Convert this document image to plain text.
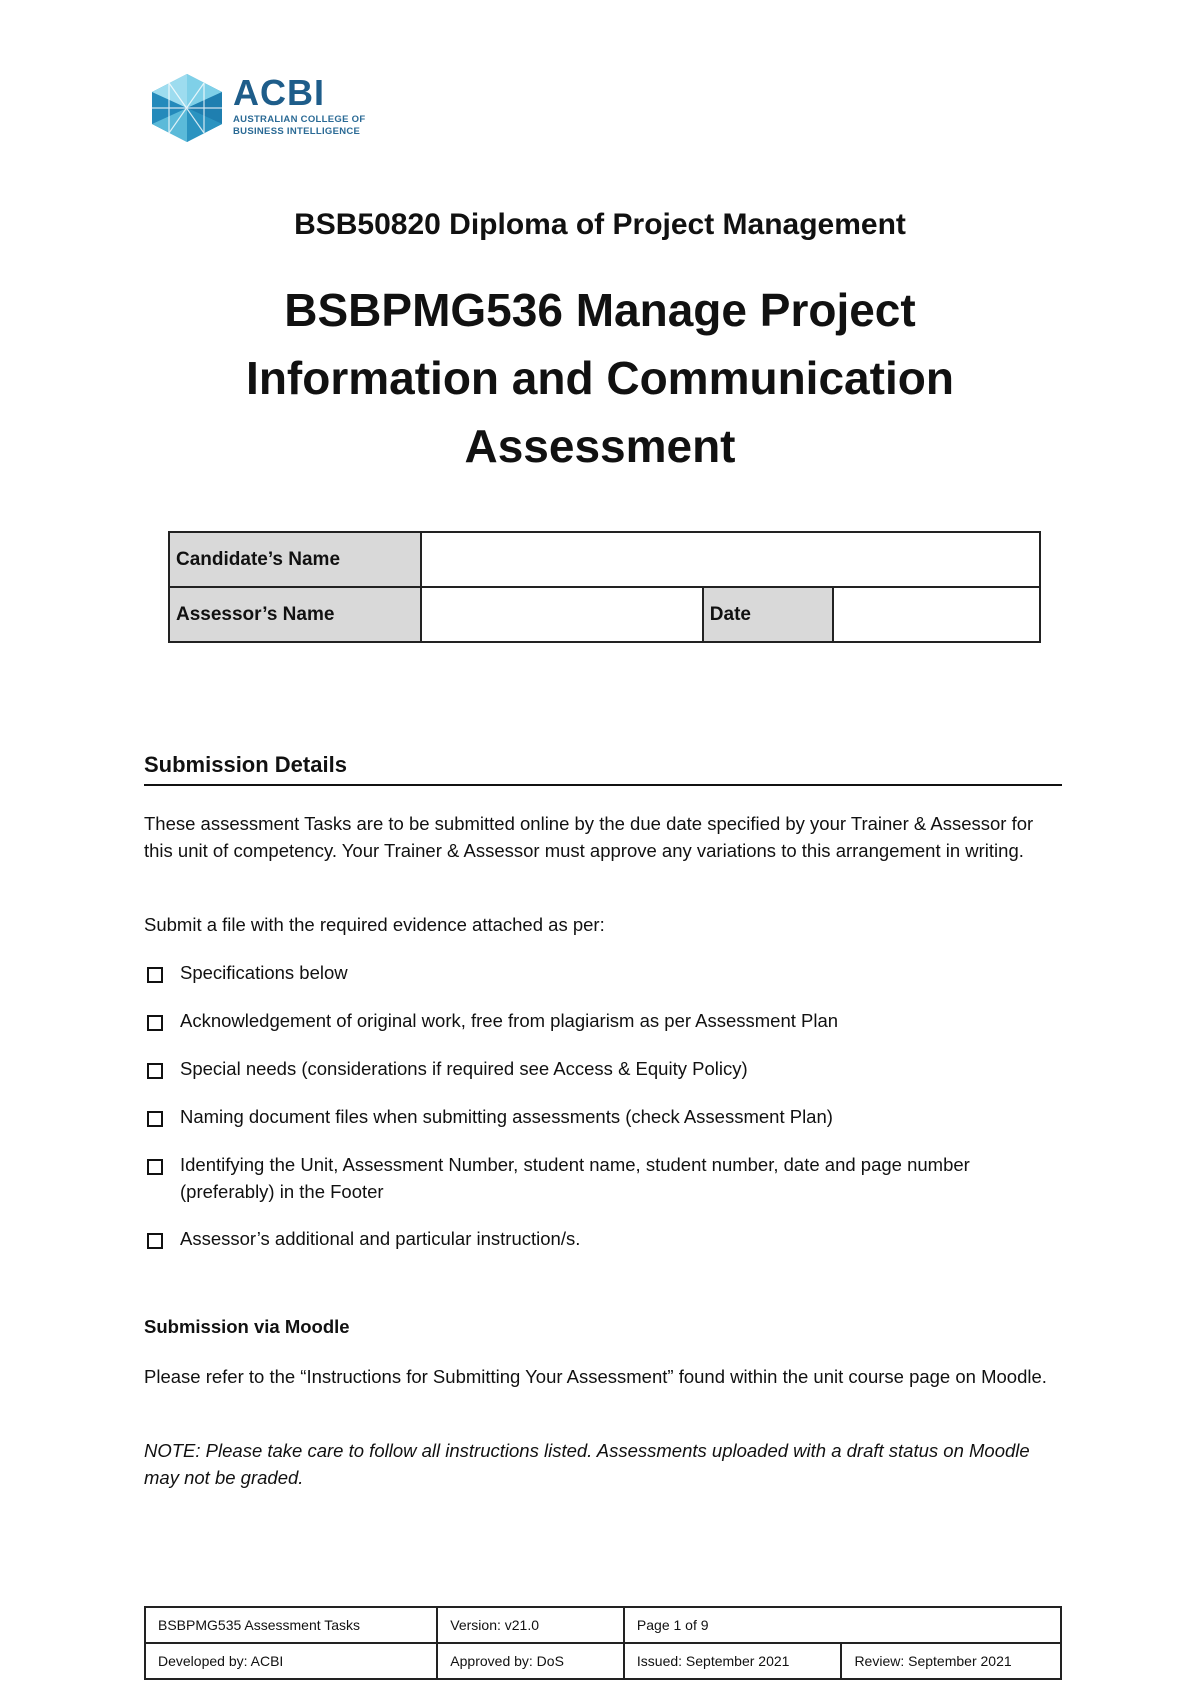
ACBI
AUSTRALIAN COLLEGE OF
BUSINESS INTELLIGENCE
BSB50820 Diploma of Project Management
BSBPMG536 Manage Project
Information and Communication
Assessment
Candidate’s Name			
Assessor’s Name		Date	
Submission Details
These assessment Tasks are to be submitted online by the due date specified by your Trainer & Assessor for this unit of competency. Your Trainer & Assessor must approve any variations to this arrangement in writing.
Submit a file with the required evidence attached as per:
Specifications below
Acknowledgement of original work, free from plagiarism as per Assessment Plan
Special needs (considerations if required see Access & Equity Policy)
Naming document files when submitting assessments (check Assessment Plan)
Identifying the Unit, Assessment Number, student name, student number, date and page number (preferably) in the Footer
Assessor’s additional and particular instruction/s.
Submission via Moodle
Please refer to the “Instructions for Submitting Your Assessment” found within the unit course page on Moodle.
NOTE: Please take care to follow all instructions listed. Assessments uploaded with a draft status on Moodle may not be graded.
BSBPMG535 Assessment Tasks	Version: v21.0	Page 1 of 9	
Developed by: ACBI	Approved by: DoS	Issued: September 2021	Review: September 2021
